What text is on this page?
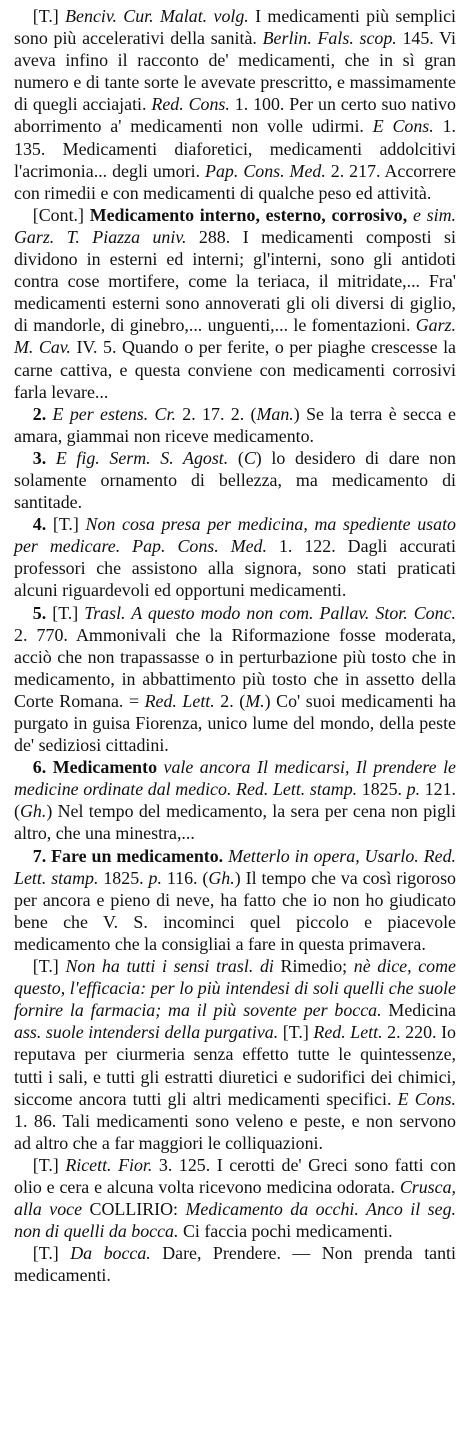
[T.] Benciv. Cur. Malat. volg. I medicamenti più semplici sono più accelerativi della sanità. Berlin. Fals. scop. 145. Vi aveva infino il racconto de' medicamenti, che in sì gran numero e di tante sorte le avevate prescritto, e massimamente di quegli acciajati. Red. Cons. 1. 100. Per un certo suo nativo aborrimento a' medicamenti non volle udirmi. E Cons. 1. 135. Medicamenti diaforetici, medicamenti addolcitivi l'acrimonia... degli umori. Pap. Cons. Med. 2. 217. Accorrere con rimedii e con medicamenti di qualche peso ed attività.

[Cont.] Medicamento interno, esterno, corrosivo, e sim. Garz. T. Piazza univ. 288. I medicamenti composti si dividono in esterni ed interni; gl'interni, sono gli antidoti contra cose mortifere, come la teriaca, il mitridate,... Fra' medicamenti esterni sono annoverati gli oli diversi di giglio, di mandorle, di ginebro,... unguenti,... le fomentazioni. Garz. M. Cav. IV. 5. Quando o per ferite, o per piaghe crescesse la carne cattiva, e questa conviene con medicamenti corrosivi farla levare...

2. E per estens. Cr. 2. 17. 2. (Man.) Se la terra è secca e amara, giammai non riceve medicamento.

3. E fig. Serm. S. Agost. (C) lo desidero di dare non solamente ornamento di bellezza, ma medicamento di santitade.

4. [T.] Non cosa presa per medicina, ma spediente usato per medicare. Pap. Cons. Med. 1. 122. Dagli accurati professori che assistono alla signora, sono stati praticati alcuni riguardevoli ed opportuni medicamenti.

5. [T.] Trasl. A questo modo non com. Pallav. Stor. Conc. 2. 770. Ammonivali che la Riformazione fosse moderata, acciò che non trapassasse o in perturbazione più tosto che in medicamento, in abbattimento più tosto che in assetto della Corte Romana. = Red. Lett. 2. (M.) Co' suoi medicamenti ha purgato in guisa Fiorenza, unico lume del mondo, della peste de' sediziosi cittadini.

6. Medicamento vale ancora Il medicarsi, Il prendere le medicine ordinate dal medico. Red. Lett. stamp. 1825. p. 121. (Gh.) Nel tempo del medicamento, la sera per cena non pigli altro, che una minestra,...

7. Fare un medicamento. Metterlo in opera, Usarlo. Red. Lett. stamp. 1825. p. 116. (Gh.) Il tempo che va così rigoroso per ancora e pieno di neve, ha fatto che io non ho giudicato bene che V. S. incominci quel piccolo e piacevole medicamento che la consigliai a fare in questa primavera.

[T.] Non ha tutti i sensi trasl. di Rimedio; nè dice, come questo, l'efficacia: per lo più intendesi di soli quelli che suole fornire la farmacia; ma il più sovente per bocca. Medicina ass. suole intendersi della purgativa. [T.] Red. Lett. 2. 220. Io reputava per ciurmeria senza effetto tutte le quintessenze, tutti i sali, e tutti gli estratti diuretici e sudorifici dei chimici, siccome ancora tutti gli altri medicamenti specifici. E Cons. 1. 86. Tali medicamenti sono veleno e peste, e non servono ad altro che a far maggiori le colliquazioni.

[T.] Ricett. Fior. 3. 125. I cerotti de' Greci sono fatti con olio e cera e alcuna volta ricevono medicina odorata. Crusca, alla voce COLLIRIO: Medicamento da occhi. Anco il seg. non di quelli da bocca. Ci faccia pochi medicamenti.

[T.] Da bocca. Dare, Prendere. — Non prenda tanti medicamenti.
